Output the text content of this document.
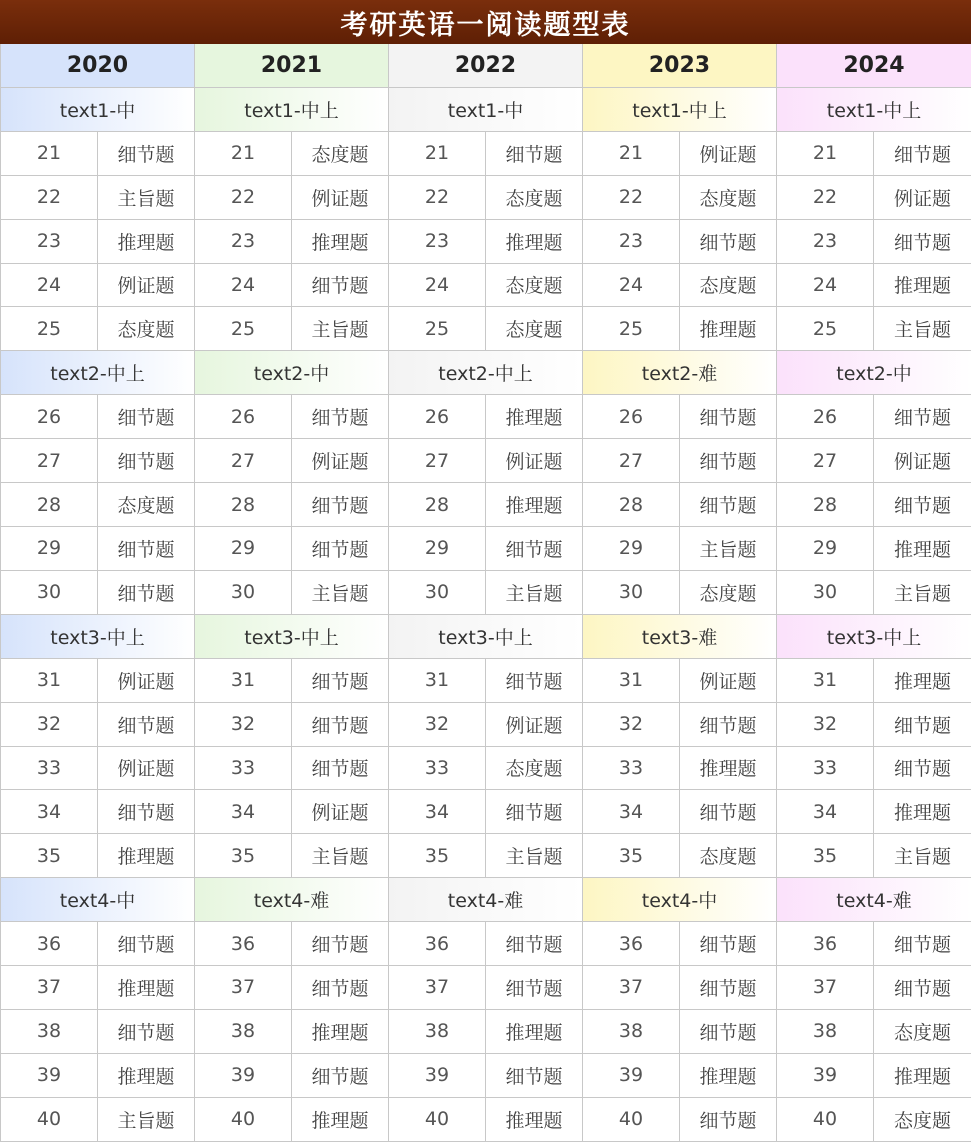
考研英语一阅读题型表
2020	2021	2022	2023	2024
text1-中	text1-中上	text1-中	text1-中上	text1-中上
21	细节题	21	态度题	21	细节题	21	例证题	21	细节题
22	主旨题	22	例证题	22	态度题	22	态度题	22	例证题
23	推理题	23	推理题	23	推理题	23	细节题	23	细节题
24	例证题	24	细节题	24	态度题	24	态度题	24	推理题
25	态度题	25	主旨题	25	态度题	25	推理题	25	主旨题
text2-中上	text2-中	text2-中上	text2-难	text2-中
26	细节题	26	细节题	26	推理题	26	细节题	26	细节题
27	细节题	27	例证题	27	例证题	27	细节题	27	例证题
28	态度题	28	细节题	28	推理题	28	细节题	28	细节题
29	细节题	29	细节题	29	细节题	29	主旨题	29	推理题
30	细节题	30	主旨题	30	主旨题	30	态度题	30	主旨题
text3-中上	text3-中上	text3-中上	text3-难	text3-中上
31	例证题	31	细节题	31	细节题	31	例证题	31	推理题
32	细节题	32	细节题	32	例证题	32	细节题	32	细节题
33	例证题	33	细节题	33	态度题	33	推理题	33	细节题
34	细节题	34	例证题	34	细节题	34	细节题	34	推理题
35	推理题	35	主旨题	35	主旨题	35	态度题	35	主旨题
text4-中	text4-难	text4-难	text4-中	text4-难
36	细节题	36	细节题	36	细节题	36	细节题	36	细节题
37	推理题	37	细节题	37	细节题	37	细节题	37	细节题
38	细节题	38	推理题	38	推理题	38	细节题	38	态度题
39	推理题	39	细节题	39	细节题	39	推理题	39	推理题
40	主旨题	40	推理题	40	推理题	40	细节题	40	态度题
